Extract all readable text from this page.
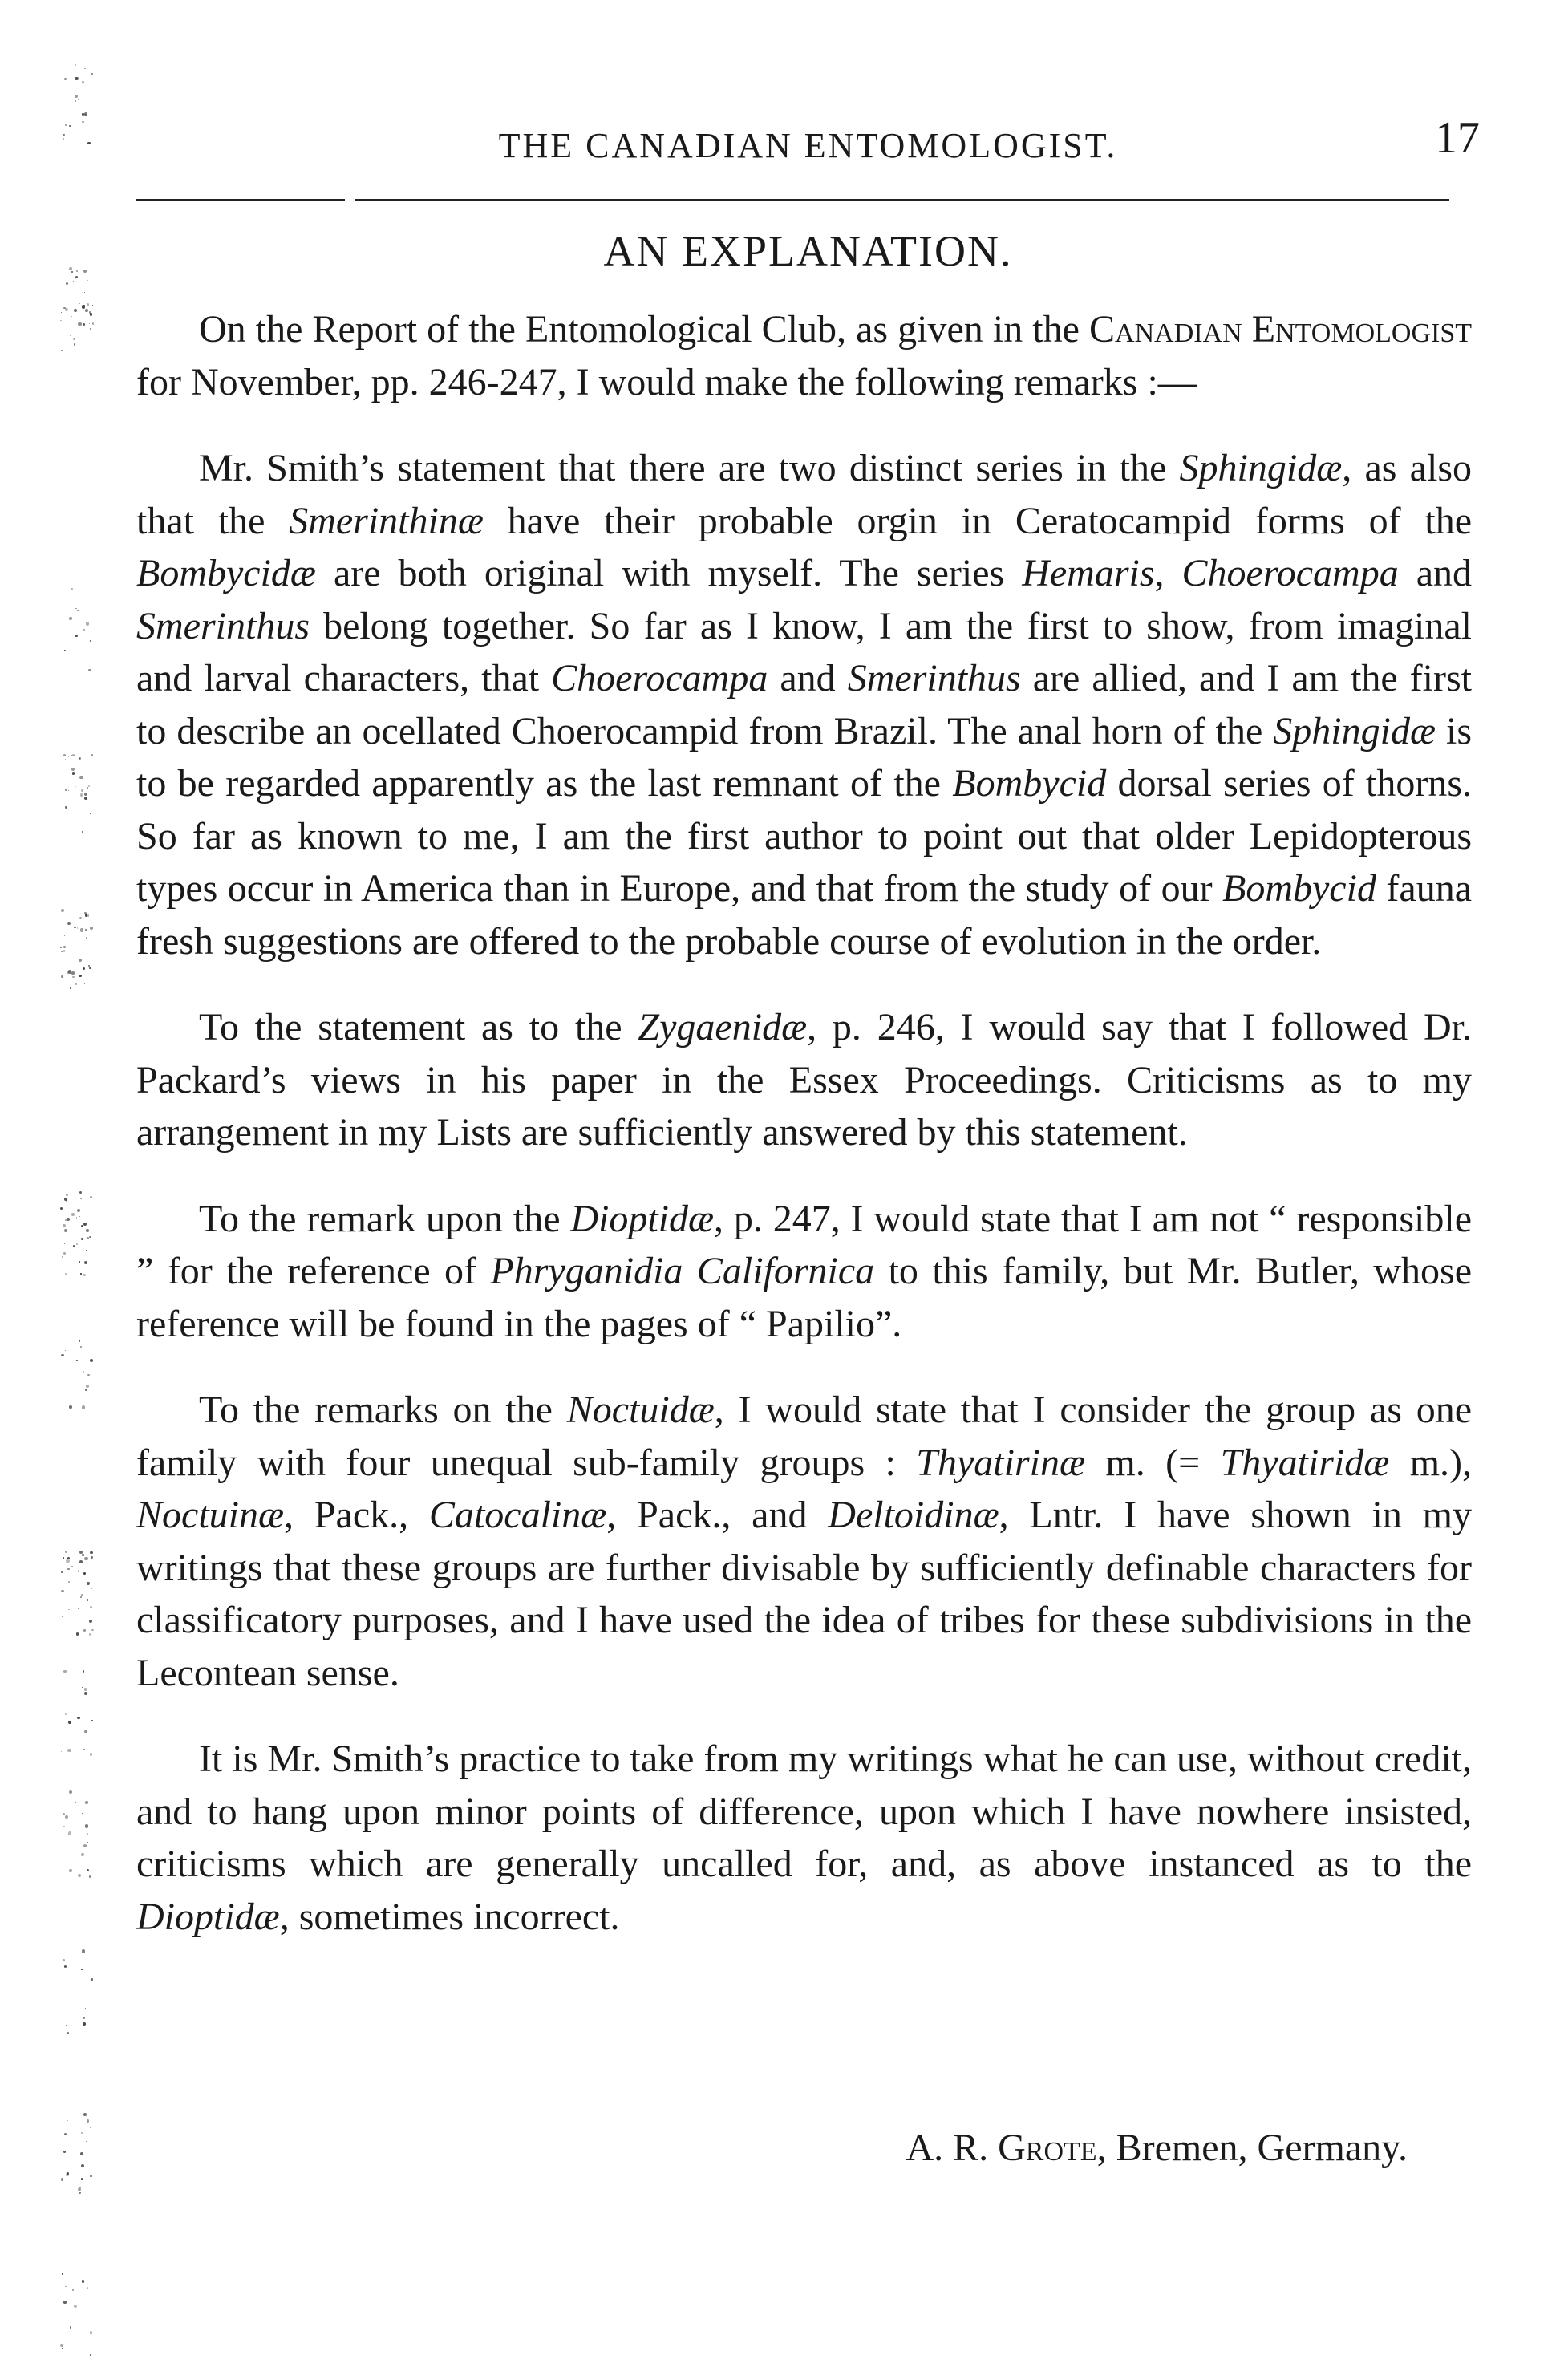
THE CANADIAN ENTOMOLOGIST.	17
AN EXPLANATION.

On the Report of the Entomological Club, as given in the Canadian Entomologist for November, pp. 246-247, I would make the following remarks :—

Mr. Smith’s statement that there are two distinct series in the Sphingidæ, as also that the Smerinthinæ have their probable orgin in Ceratocampid forms of the Bombycidæ are both original with myself. The series Hemaris, Choerocampa and Smerinthus belong together. So far as I know, I am the first to show, from imaginal and larval characters, that Choerocampa and Smerinthus are allied, and I am the first to describe an ocellated Choerocampid from Brazil. The anal horn of the Sphingidæ is to be regarded apparently as the last remnant of the Bombycid dorsal series of thorns. So far as known to me, I am the first author to point out that older Lepidopterous types occur in America than in Europe, and that from the study of our Bombycid fauna fresh suggestions are offered to the probable course of evolution in the order.

To the statement as to the Zygaenidæ, p. 246, I would say that I followed Dr. Packard’s views in his paper in the Essex Proceedings. Criticisms as to my arrangement in my Lists are sufficiently answered by this statement.

To the remark upon the Dioptidæ, p. 247, I would state that I am not “ responsible ” for the reference of Phryganidia Californica to this family, but Mr. Butler, whose reference will be found in the pages of “ Papilio”.

To the remarks on the Noctuidæ, I would state that I consider the group as one family with four unequal sub-family groups : Thyatirinæ m. (= Thyatiridæ m.), Noctuinæ, Pack., Catocalinæ, Pack., and Deltoidinæ, Lntr. I have shown in my writings that these groups are further divisable by sufficiently definable characters for classificatory purposes, and I have used the idea of tribes for these subdivisions in the Lecontean sense.

It is Mr. Smith’s practice to take from my writings what he can use, without credit, and to hang upon minor points of difference, upon which I have nowhere insisted, criticisms which are generally uncalled for, and, as above instanced as to the Dioptidæ, sometimes incorrect.

A. R. Grote, Bremen, Germany.
